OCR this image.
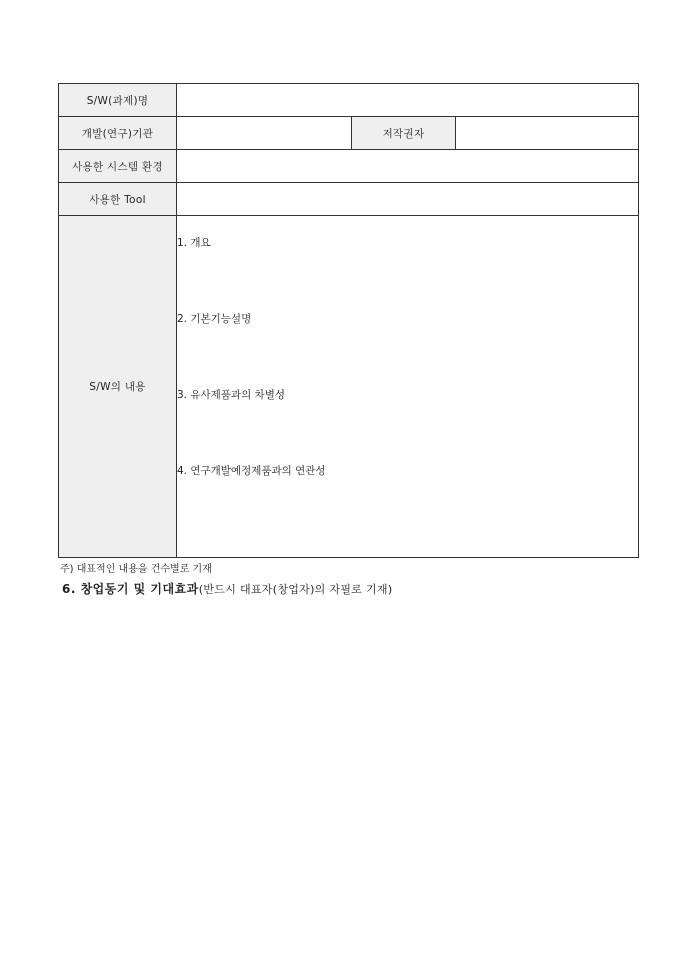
S/W(과제)명			
개발(연구)기관		저작권자	
사용한 시스템 환경			
사용한 Tool			
S/W의 내용	1. 개요
2. 기본기능설명
3. 유사제품과의 차별성
4. 연구개발예정제품과의 연관성		
주) 대표적인 내용을 건수별로 기재
6. 창업동기 및 기대효과(반드시 대표자(창업자)의 자필로 기재)
